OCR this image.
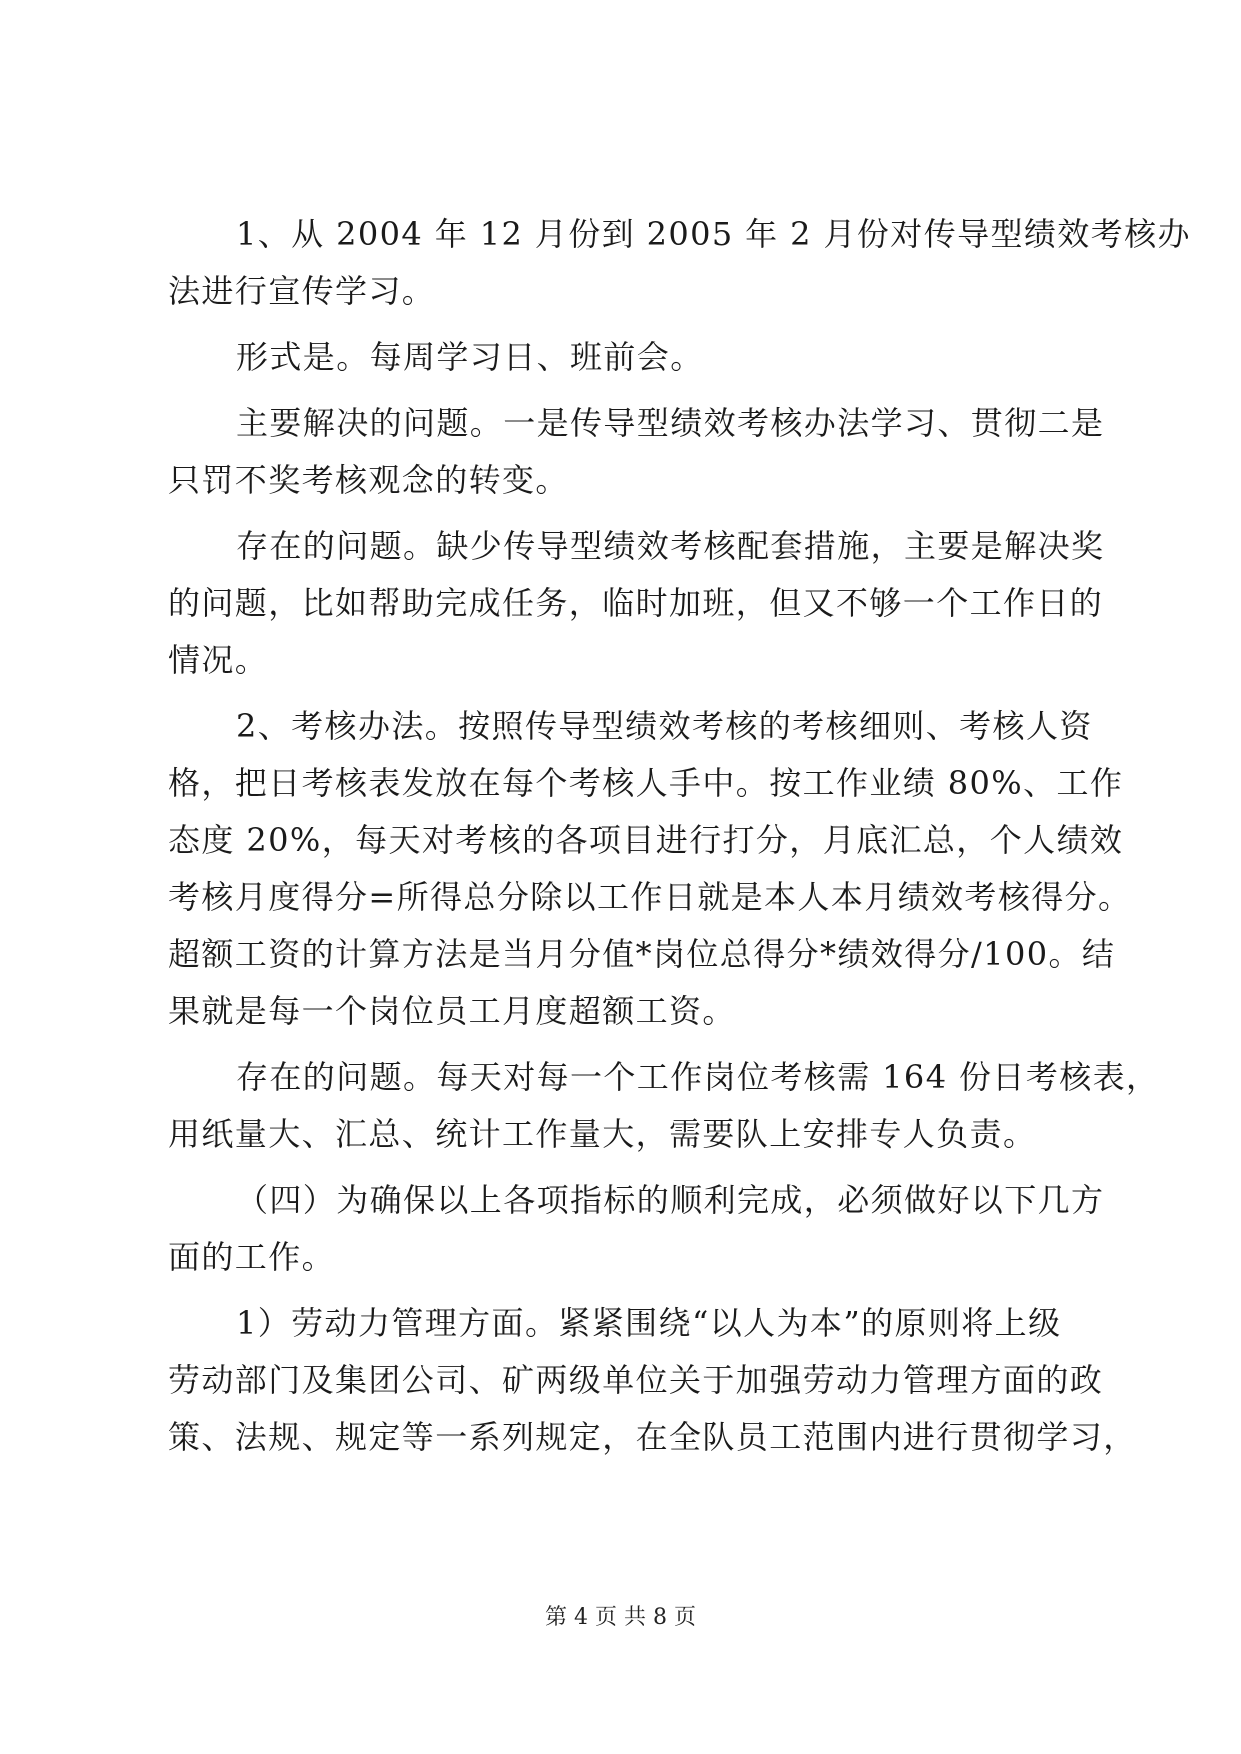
1、从 2004 年 12 月份到 2005 年 2 月份对传导型绩效考核办
法进行宣传学习。
形式是。每周学习日、班前会。
主要解决的问题。一是传导型绩效考核办法学习、贯彻二是
只罚不奖考核观念的转变。
存在的问题。缺少传导型绩效考核配套措施，主要是解决奖
的问题，比如帮助完成任务，临时加班，但又不够一个工作日的
情况。
2、考核办法。按照传导型绩效考核的考核细则、考核人资
格，把日考核表发放在每个考核人手中。按工作业绩 80%、工作
态度 20%，每天对考核的各项目进行打分，月底汇总，个人绩效
考核月度得分=所得总分除以工作日就是本人本月绩效考核得分。
超额工资的计算方法是当月分值*岗位总得分*绩效得分/100。结
果就是每一个岗位员工月度超额工资。
存在的问题。每天对每一个工作岗位考核需 164 份日考核表，
用纸量大、汇总、统计工作量大，需要队上安排专人负责。
（四）为确保以上各项指标的顺利完成，必须做好以下几方
面的工作。
1）劳动力管理方面。紧紧围绕“以人为本”的原则将上级
劳动部门及集团公司、矿两级单位关于加强劳动力管理方面的政
策、法规、规定等一系列规定，在全队员工范围内进行贯彻学习，
第 4 页 共 8 页
